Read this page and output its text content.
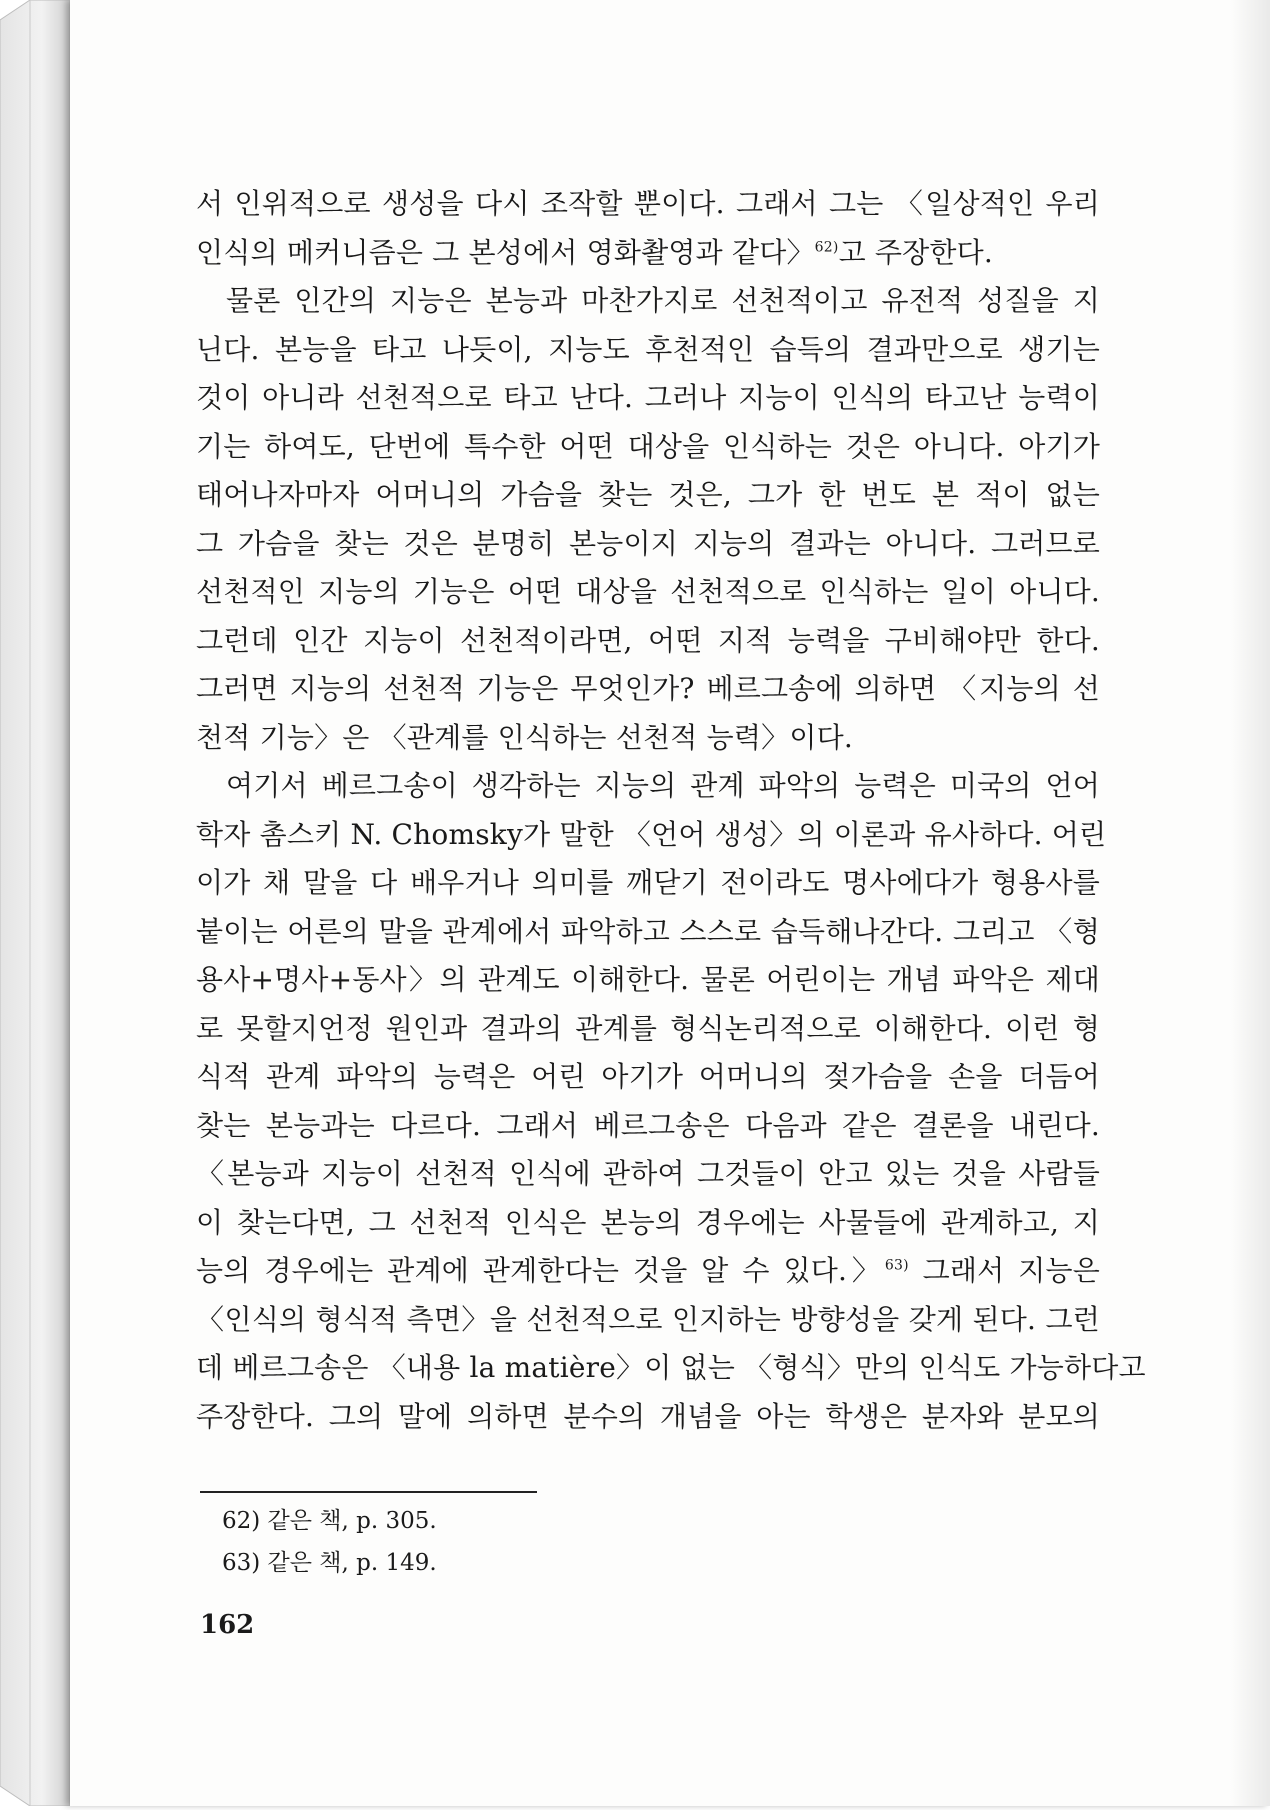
서 인위적으로 생성을 다시 조작할 뿐이다. 그래서 그는 〈일상적인 우리
인식의 메커니즘은 그 본성에서 영화촬영과 같다〉$^{62)}$고 주장한다.
물론 인간의 지능은 본능과 마찬가지로 선천적이고 유전적 성질을 지
닌다. 본능을 타고 나듯이, 지능도 후천적인 습득의 결과만으로 생기는
것이 아니라 선천적으로 타고 난다. 그러나 지능이 인식의 타고난 능력이
기는 하여도, 단번에 특수한 어떤 대상을 인식하는 것은 아니다. 아기가
태어나자마자 어머니의 가슴을 찾는 것은, 그가 한 번도 본 적이 없는
그 가슴을 찾는 것은 분명히 본능이지 지능의 결과는 아니다. 그러므로
선천적인 지능의 기능은 어떤 대상을 선천적으로 인식하는 일이 아니다.
그런데 인간 지능이 선천적이라면, 어떤 지적 능력을 구비해야만 한다.
그러면 지능의 선천적 기능은 무엇인가? 베르그송에 의하면 〈지능의 선
천적 기능〉은 〈관계를 인식하는 선천적 능력〉이다.
여기서 베르그송이 생각하는 지능의 관계 파악의 능력은 미국의 언어
학자 촘스키 N. Chomsky가 말한 〈언어 생성〉의 이론과 유사하다. 어린
이가 채 말을 다 배우거나 의미를 깨닫기 전이라도 명사에다가 형용사를
붙이는 어른의 말을 관계에서 파악하고 스스로 습득해나간다. 그리고 〈형
용사+명사+동사〉의 관계도 이해한다. 물론 어린이는 개념 파악은 제대
로 못할지언정 원인과 결과의 관계를 형식논리적으로 이해한다. 이런 형
식적 관계 파악의 능력은 어린 아기가 어머니의 젖가슴을 손을 더듬어
찾는 본능과는 다르다. 그래서 베르그송은 다음과 같은 결론을 내린다.
〈본능과 지능이 선천적 인식에 관하여 그것들이 안고 있는 것을 사람들
이 찾는다면, 그 선천적 인식은 본능의 경우에는 사물들에 관계하고, 지
능의 경우에는 관계에 관계한다는 것을 알 수 있다.〉$^{63)}$ 그래서 지능은
〈인식의 형식적 측면〉을 선천적으로 인지하는 방향성을 갖게 된다. 그런
데 베르그송은 〈내용 la matière〉이 없는 〈형식〉만의 인식도 가능하다고
주장한다. 그의 말에 의하면 분수의 개념을 아는 학생은 분자와 분모의
62) 같은 책, p. 305.
63) 같은 책, p. 149.
162
